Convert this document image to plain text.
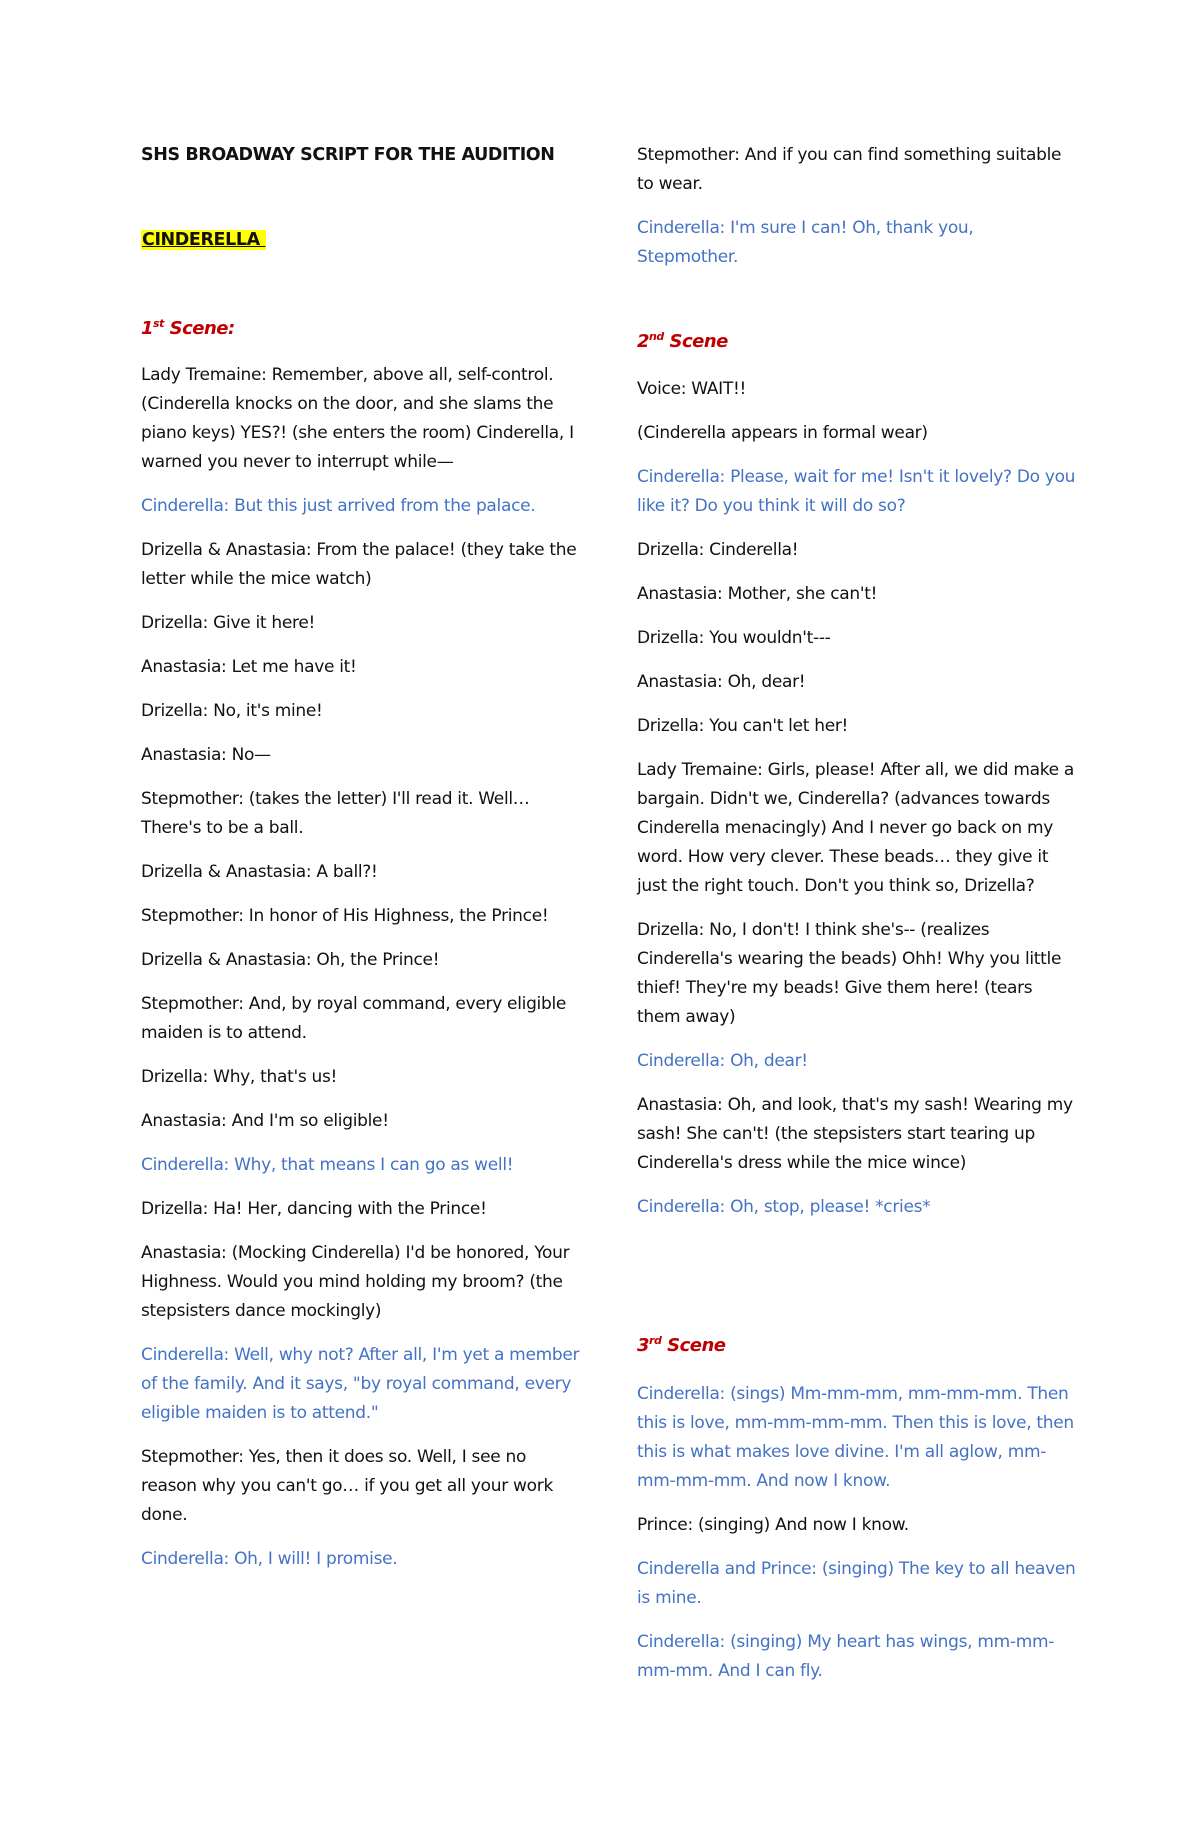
SHS BROADWAY SCRIPT FOR THE AUDITION
CINDERELLA
1st Scene:

Lady Tremaine: Remember, above all, self-control. (Cinderella knocks on the door, and she slams the piano keys) YES?! (she enters the room) Cinderella, I warned you never to interrupt while—

Cinderella: But this just arrived from the palace.

Drizella & Anastasia: From the palace! (they take the letter while the mice watch)

Drizella: Give it here!

Anastasia: Let me have it!

Drizella: No, it's mine!

Anastasia: No—

Stepmother: (takes the letter) I'll read it. Well… There's to be a ball.

Drizella & Anastasia: A ball?!

Stepmother: In honor of His Highness, the Prince!

Drizella & Anastasia: Oh, the Prince!

Stepmother: And, by royal command, every eligible maiden is to attend.

Drizella: Why, that's us!

Anastasia: And I'm so eligible!

Cinderella: Why, that means I can go as well!

Drizella: Ha! Her, dancing with the Prince!

Anastasia: (Mocking Cinderella) I'd be honored, Your Highness. Would you mind holding my broom? (the stepsisters dance mockingly)

Cinderella: Well, why not? After all, I'm yet a member of the family. And it says, "by royal command, every eligible maiden is to attend."

Stepmother: Yes, then it does so. Well, I see no reason why you can't go… if you get all your work done.

Cinderella: Oh, I will! I promise.

Stepmother: And if you can find something suitable to wear.

Cinderella: I'm sure I can! Oh, thank you, Stepmother.

2nd Scene

Voice: WAIT!!

(Cinderella appears in formal wear)

Cinderella: Please, wait for me! Isn't it lovely? Do you like it? Do you think it will do so?

Drizella: Cinderella!

Anastasia: Mother, she can't!

Drizella: You wouldn't---

Anastasia: Oh, dear!

Drizella: You can't let her!

Lady Tremaine: Girls, please! After all, we did make a bargain. Didn't we, Cinderella? (advances towards Cinderella menacingly) And I never go back on my word. How very clever. These beads… they give it just the right touch. Don't you think so, Drizella?

Drizella: No, I don't! I think she's-- (realizes Cinderella's wearing the beads) Ohh! Why you little thief! They're my beads! Give them here! (tears them away)

Cinderella: Oh, dear!

Anastasia: Oh, and look, that's my sash! Wearing my sash! She can't! (the stepsisters start tearing up Cinderella's dress while the mice wince)

Cinderella: Oh, stop, please! *cries*

3rd Scene

Cinderella: (sings) Mm-mm-mm, mm-mm-mm. Then this is love, mm-mm-mm-mm. Then this is love, then this is what makes love divine. I'm all aglow, mm-mm-mm-mm. And now I know.

Prince: (singing) And now I know.

Cinderella and Prince: (singing) The key to all heaven is mine.

Cinderella: (singing) My heart has wings, mm-mm-mm-mm. And I can fly.
